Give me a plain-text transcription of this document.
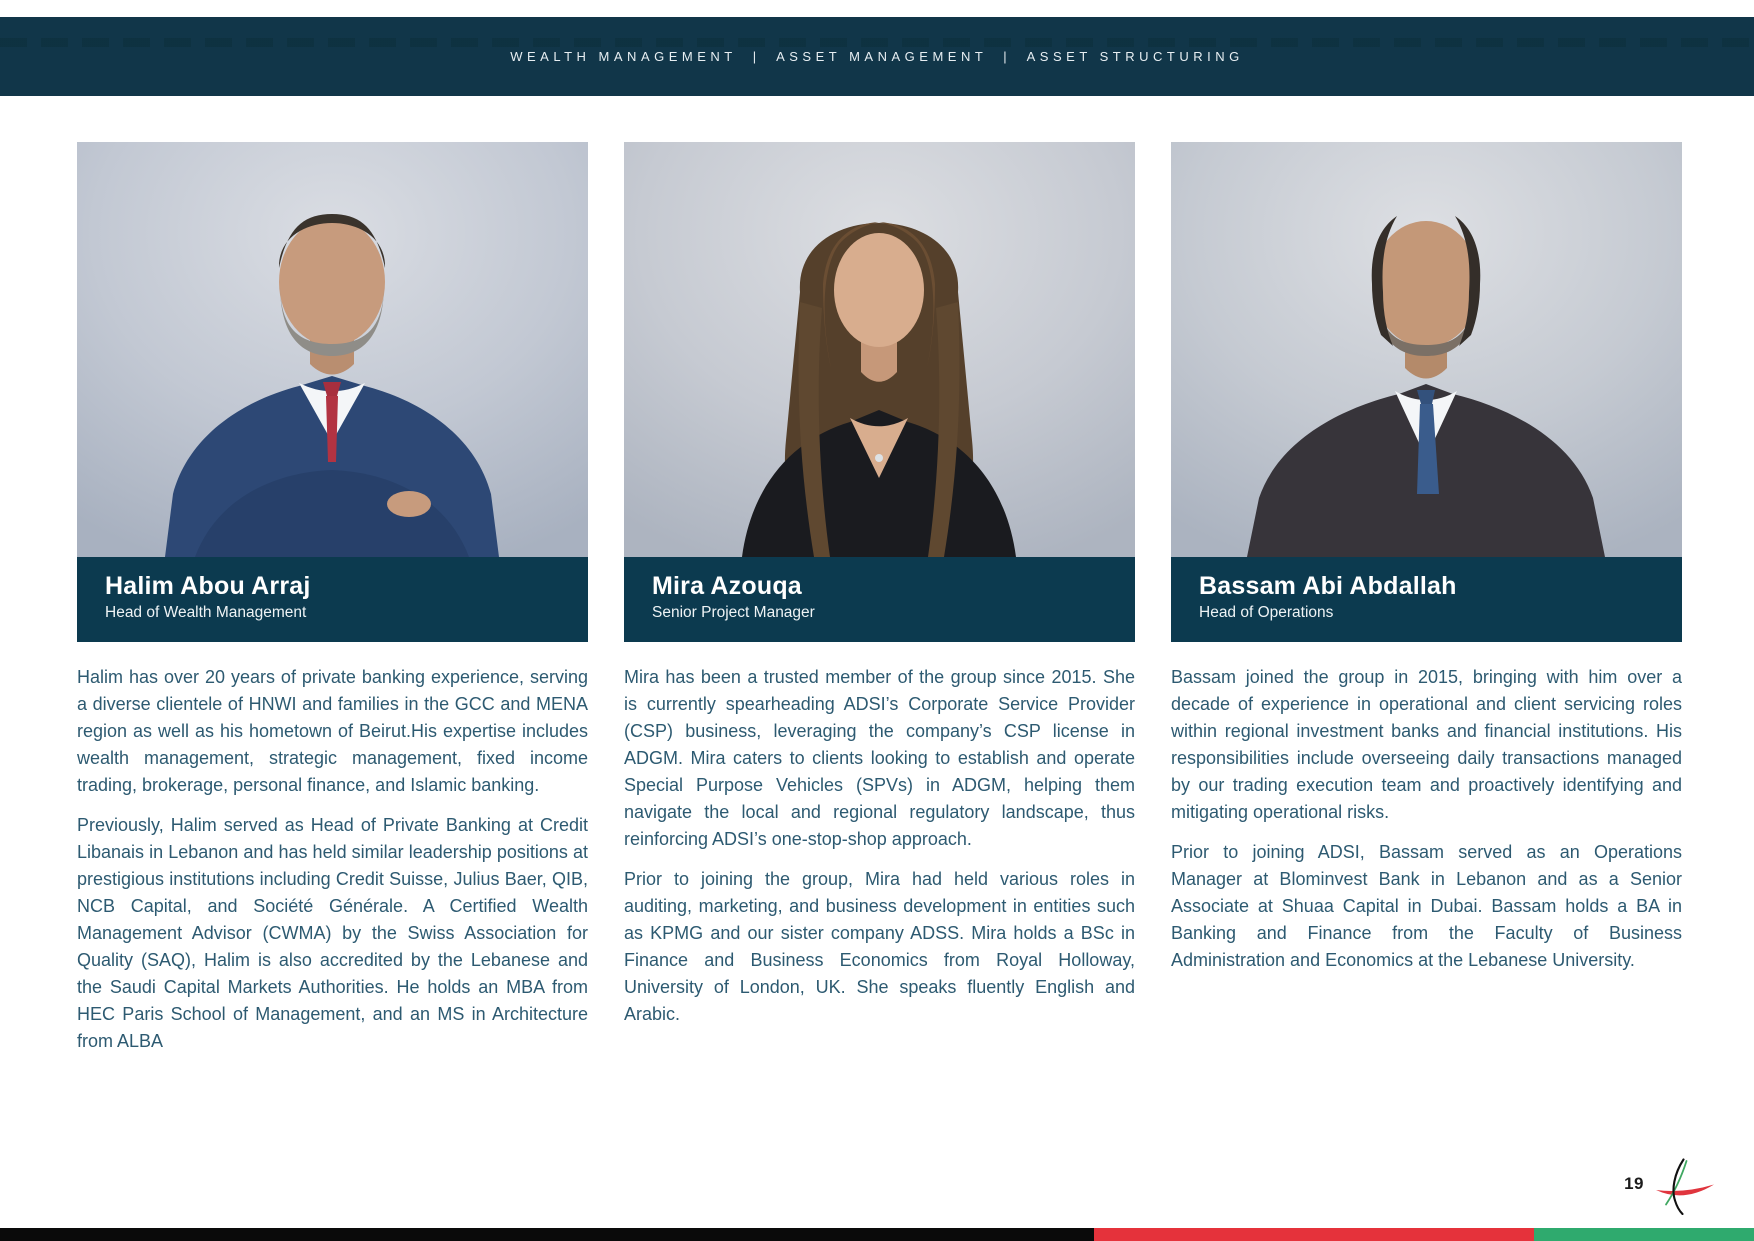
WEALTH MANAGEMENT  |  ASSET MANAGEMENT  |  ASSET STRUCTURING
Halim Abou Arraj
Head of Wealth Management

Halim has over 20 years of private banking experience, serving a diverse clientele of HNWI and families in the GCC and MENA region as well as his hometown of Beirut.His expertise includes wealth management, strategic management, fixed income trading, brokerage, personal finance, and Islamic banking.

Previously, Halim served as Head of Private Banking at Credit Libanais in Lebanon and has held similar leadership positions at prestigious institutions including Credit Suisse, Julius Baer, QIB, NCB Capital, and Société Générale. A Certified Wealth Management Advisor (CWMA) by the Swiss Association for Quality (SAQ), Halim is also accredited by the Lebanese and the Saudi Capital Markets Authorities. He holds an MBA from HEC Paris School of Management, and an MS in Architecture from ALBA

Mira Azouqa
Senior Project Manager

Mira has been a trusted member of the group since 2015. She is currently spearheading ADSI’s Corporate Service Provider (CSP) business, leveraging the company’s CSP license in ADGM. Mira caters to clients looking to establish and operate Special Purpose Vehicles (SPVs) in ADGM, helping them navigate the local and regional regulatory landscape, thus reinforcing ADSI’s one-stop-shop approach.

Prior to joining the group, Mira had held various roles in auditing, marketing, and business development in entities such as KPMG and our sister company ADSS. Mira holds a BSc in Finance and Business Economics from Royal Holloway, University of London, UK. She speaks fluently English and Arabic.

Bassam Abi Abdallah
Head of Operations

Bassam joined the group in 2015, bringing with him over a decade of experience in operational and client servicing roles within regional investment banks and financial institutions. His responsibilities include overseeing daily transactions managed by our trading execution team and proactively identifying and mitigating operational risks.

Prior to joining ADSI, Bassam served as an Operations Manager at Blominvest Bank in Lebanon and as a Senior Associate at Shuaa Capital in Dubai. Bassam holds a BA in Banking and Finance from the Faculty of Business Administration and Economics at the Lebanese University.

19
